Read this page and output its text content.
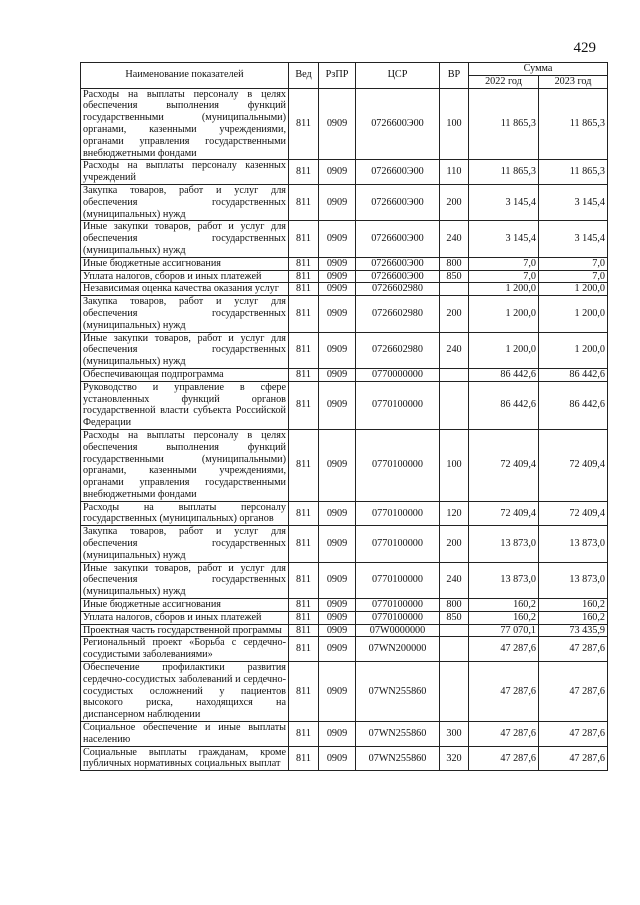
429
Наименование показателей	Вед	РзПР	ЦСР	ВР	Сумма	
					2022 год	2023 год
Расходы на выплаты персоналу в целях обеспечения выполнения функций государственными (муниципальными) органами, казенными учреждениями, органами управления государственными внебюджетными фондами	811	0909	0726600Э00	100	11 865,3	11 865,3
Расходы на выплаты персоналу казенных учреждений	811	0909	0726600Э00	110	11 865,3	11 865,3
Закупка товаров, работ и услуг для обеспечения государственных (муниципальных) нужд	811	0909	0726600Э00	200	3 145,4	3 145,4
Иные закупки товаров, работ и услуг для обеспечения государственных (муниципальных) нужд	811	0909	0726600Э00	240	3 145,4	3 145,4
Иные бюджетные ассигнования	811	0909	0726600Э00	800	7,0	7,0
Уплата налогов, сборов и иных платежей	811	0909	0726600Э00	850	7,0	7,0
Независимая оценка качества оказания услуг	811	0909	0726602980		1 200,0	1 200,0
Закупка товаров, работ и услуг для обеспечения государственных (муниципальных) нужд	811	0909	0726602980	200	1 200,0	1 200,0
Иные закупки товаров, работ и услуг для обеспечения государственных (муниципальных) нужд	811	0909	0726602980	240	1 200,0	1 200,0
Обеспечивающая подпрограмма	811	0909	0770000000		86 442,6	86 442,6
Руководство и управление в сфере установленных функций органов государственной власти субъекта Российской Федерации	811	0909	0770100000		86 442,6	86 442,6
Расходы на выплаты персоналу в целях обеспечения выполнения функций государственными (муниципальными) органами, казенными учреждениями, органами управления государственными внебюджетными фондами	811	0909	0770100000	100	72 409,4	72 409,4
Расходы на выплаты персоналу государственных (муниципальных) органов	811	0909	0770100000	120	72 409,4	72 409,4
Закупка товаров, работ и услуг для обеспечения государственных (муниципальных) нужд	811	0909	0770100000	200	13 873,0	13 873,0
Иные закупки товаров, работ и услуг для обеспечения государственных (муниципальных) нужд	811	0909	0770100000	240	13 873,0	13 873,0
Иные бюджетные ассигнования	811	0909	0770100000	800	160,2	160,2
Уплата налогов, сборов и иных платежей	811	0909	0770100000	850	160,2	160,2
Проектная часть государственной программы	811	0909	07W0000000		77 070,1	73 435,9
Региональный проект «Борьба с сердечно-сосудистыми заболеваниями»	811	0909	07WN200000		47 287,6	47 287,6
Обеспечение профилактики развития сердечно-сосудистых заболеваний и сердечно-сосудистых осложнений у пациентов высокого риска, находящихся на диспансерном наблюдении	811	0909	07WN255860		47 287,6	47 287,6
Социальное обеспечение и иные выплаты населению	811	0909	07WN255860	300	47 287,6	47 287,6
Социальные выплаты гражданам, кроме публичных нормативных социальных выплат	811	0909	07WN255860	320	47 287,6	47 287,6
